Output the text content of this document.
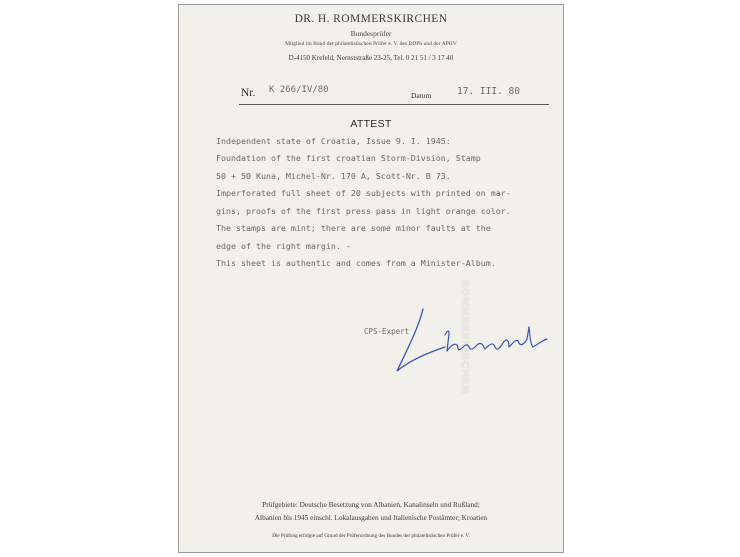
DR. H. ROMMERSKIRCHEN
Bundesprüfer
Mitglied im Bund der philatelistischen Prüfer e. V. des BDPh und der APHV
D-4150 Krefeld, Nernststraße 23-25, Tel. 0 21 51 / 3 17 40
Nr. K 266/IV/80
Datum	17. III. 80
ATTEST
Independent state of Croatia, Issue 9. I. 1945:
Foundation of the first croatian Storm-Divsion, Stamp
50 + 50 Kuna, Michel-Nr. 170 A, Scott-Nr. B 73.
Imperforated full sheet of 20 subjects with printed on mar-
gins, proofs of the first press pass in light orange color.
The stamps are mint; there are some minor faults at the
edge of the right margin. -
This sheet is authentic and comes from a Minister-Album.
ROMMERSKIRCHEN
CPS-Expert
Prüfgebiete: Deutsche Besetzung von Albanien, Kanalinseln und Rußland;
Albanien bis 1945 einschl. Lokalausgaben und Italienische Postämter; Kroatien
Die Prüfung erfolgte auf Grund der Prüferordnung des Bundes der philatelistischen Prüfer e. V.
